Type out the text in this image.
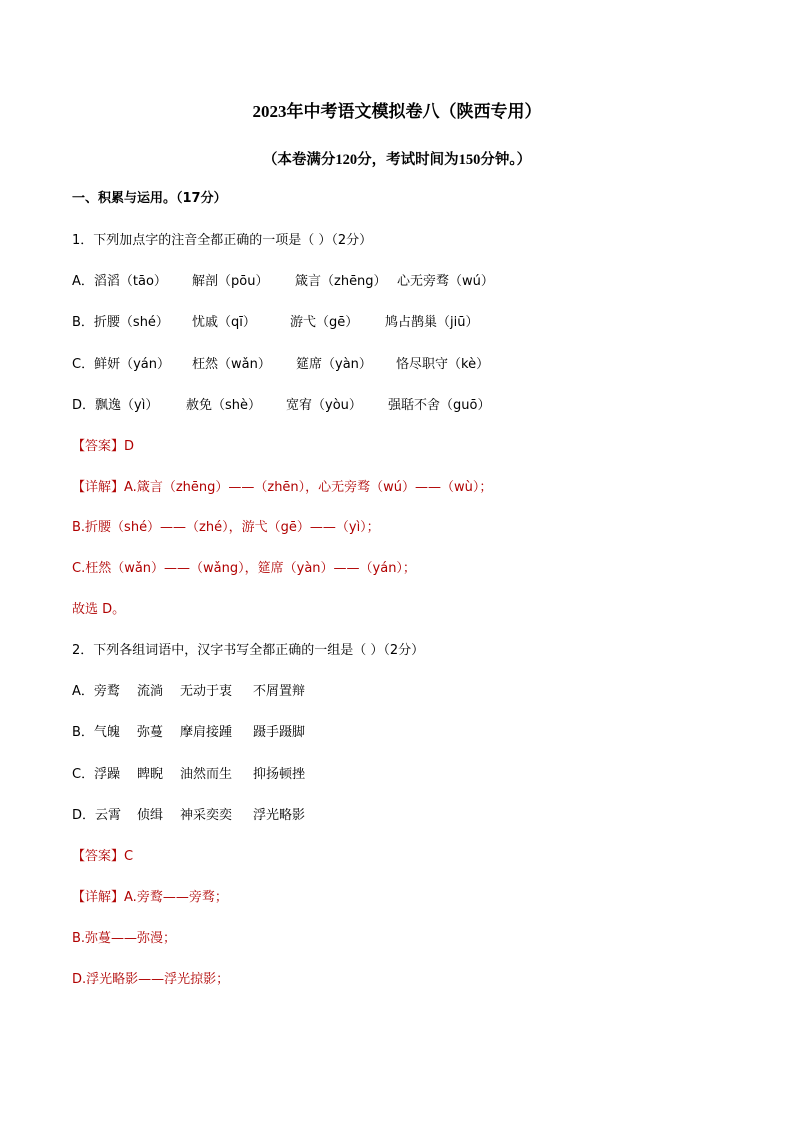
2023年中考语文模拟卷八（陕西专用）
（本卷满分120分，考试时间为150分钟。）
一、积累与运用。（17分）
1．下列加点字的注音全都正确的一项是（ ）（2分）
A．滔滔（tāo） 解剖（pōu） 箴言（zhēng） 心无旁骛（wú）
B．折腰（shé） 忧戚（qī）	游弋（gē） 鸠占鹊巢（jiū）
C．鲜妍（yán） 枉然（wǎn） 筵席（yàn） 恪尽职守（kè）
D．飘逸（yì） 赦免（shè） 宽宥（yòu） 强聒不舍（guō）
【答案】D
【详解】A.箴言（zhēng）——（zhēn），心无旁骛（wú）——（wù）；
B.折腰（shé）——（zhé），游弋（gē）——（yì）；
C.枉然（wǎn）——（wǎng），筵席（yàn）——（yán）；
故选 D。
2．下列各组词语中，汉字书写全都正确的一组是（ ）（2分）
A．旁鹜 流淌 无动于衷 不屑置辩
B．气魄 弥蔓 摩肩接踵 蹑手蹑脚
C．浮躁 睥睨 油然而生 抑扬顿挫
D．云霄 侦缉 神采奕奕 浮光略影
【答案】C
【详解】A.旁鹜——旁骛；
B.弥蔓——弥漫；
D.浮光略影——浮光掠影；
